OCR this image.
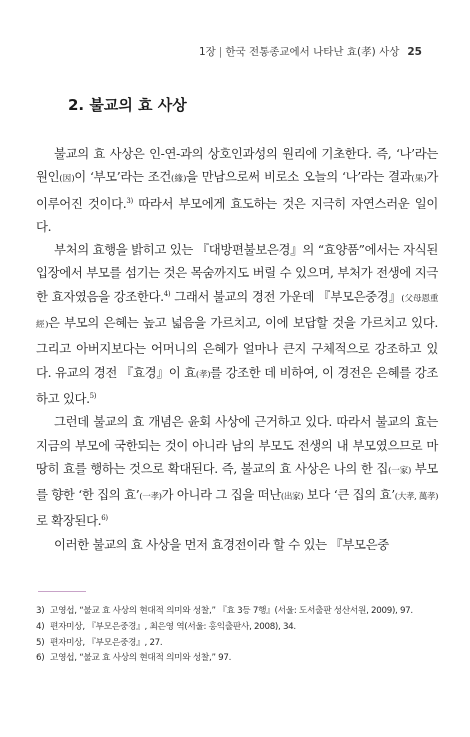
1장 | 한국 전통종교에서 나타난 효(孝) 사상 25
2. 불교의 효 사상

불교의 효 사상은 인-연-과의 상호인과성의 원리에 기초한다. 즉, ‘나’라는 원인(因)이 ‘부모’라는 조건(緣)을 만남으로써 비로소 오늘의 ‘나’라는 결과(果)가 이루어진 것이다.$^{3)}$ 따라서 부모에게 효도하는 것은 지극히 자연스러운 일이다.

부처의 효행을 밝히고 있는 『대방편불보은경』의 “효양품”에서는 자식된 입장에서 부모를 섬기는 것은 목숨까지도 버릴 수 있으며, 부처가 전생에 지극한 효자였음을 강조한다.$^{4)}$ 그래서 불교의 경전 가운데 『부모은중경』(父母恩重經)은 부모의 은혜는 높고 넓음을 가르치고, 이에 보답할 것을 가르치고 있다. 그리고 아버지보다는 어머니의 은혜가 얼마나 큰지 구체적으로 강조하고 있다. 유교의 경전 『효경』이 효(孝)를 강조한 데 비하여, 이 경전은 은혜를 강조하고 있다.$^{5)}$

그런데 불교의 효 개념은 윤회 사상에 근거하고 있다. 따라서 불교의 효는 지금의 부모에 국한되는 것이 아니라 남의 부모도 전생의 내 부모였으므로 마땅히 효를 행하는 것으로 확대된다. 즉, 불교의 효 사상은 나의 한 집(一家) 부모를 향한 ‘한 집의 효’(一孝)가 아니라 그 집을 떠난(出家) 보다 ‘큰 집의 효’(大孝, 萬孝)로 확장된다.$^{6)}$

이러한 불교의 효 사상을 먼저 효경전이라 할 수 있는 『부모은중

3) 고영섭, “불교 효 사상의 현대적 의미와 성찰,” 『효 3등 7행』(서울: 도서출판 성산서원, 2009), 97.
4) 편자미상, 『부모은중경』, 최은영 역(서울: 홍익출판사, 2008), 34.
5) 편자미상, 『부모은중경』, 27.
6) 고영섭, “불교 효 사상의 현대적 의미와 성찰,” 97.
